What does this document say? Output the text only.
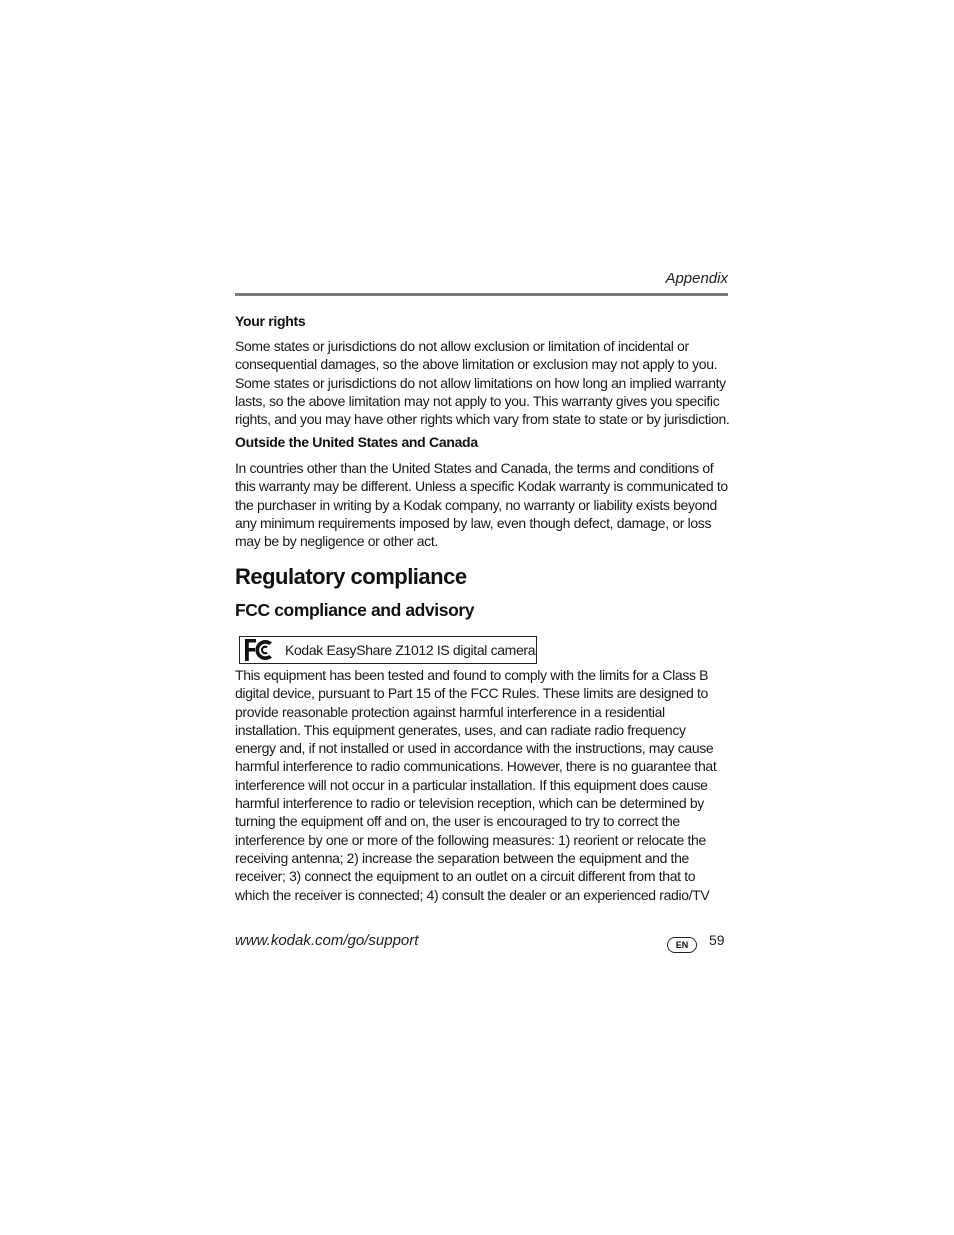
Appendix
Your rights

Some states or jurisdictions do not allow exclusion or limitation of incidental or consequential damages, so the above limitation or exclusion may not apply to you. Some states or jurisdictions do not allow limitations on how long an implied warranty lasts, so the above limitation may not apply to you. This warranty gives you specific rights, and you may have other rights which vary from state to state or by jurisdiction.

Outside the United States and Canada

In countries other than the United States and Canada, the terms and conditions of this warranty may be different. Unless a specific Kodak warranty is communicated to the purchaser in writing by a Kodak company, no warranty or liability exists beyond any minimum requirements imposed by law, even though defect, damage, or loss may be by negligence or other act.

Regulatory compliance
FCC compliance and advisory
Kodak EasyShare Z1012 IS digital camera

This equipment has been tested and found to comply with the limits for a Class B digital device, pursuant to Part 15 of the FCC Rules. These limits are designed to provide reasonable protection against harmful interference in a residential installation. This equipment generates, uses, and can radiate radio frequency energy and, if not installed or used in accordance with the instructions, may cause harmful interference to radio communications. However, there is no guarantee that interference will not occur in a particular installation. If this equipment does cause harmful interference to radio or television reception, which can be determined by turning the equipment off and on, the user is encouraged to try to correct the interference by one or more of the following measures: 1) reorient or relocate the receiving antenna; 2) increase the separation between the equipment and the receiver; 3) connect the equipment to an outlet on a circuit different from that to which the receiver is connected; 4) consult the dealer or an experienced radio/TV

www.kodak.com/go/support	EN	59
